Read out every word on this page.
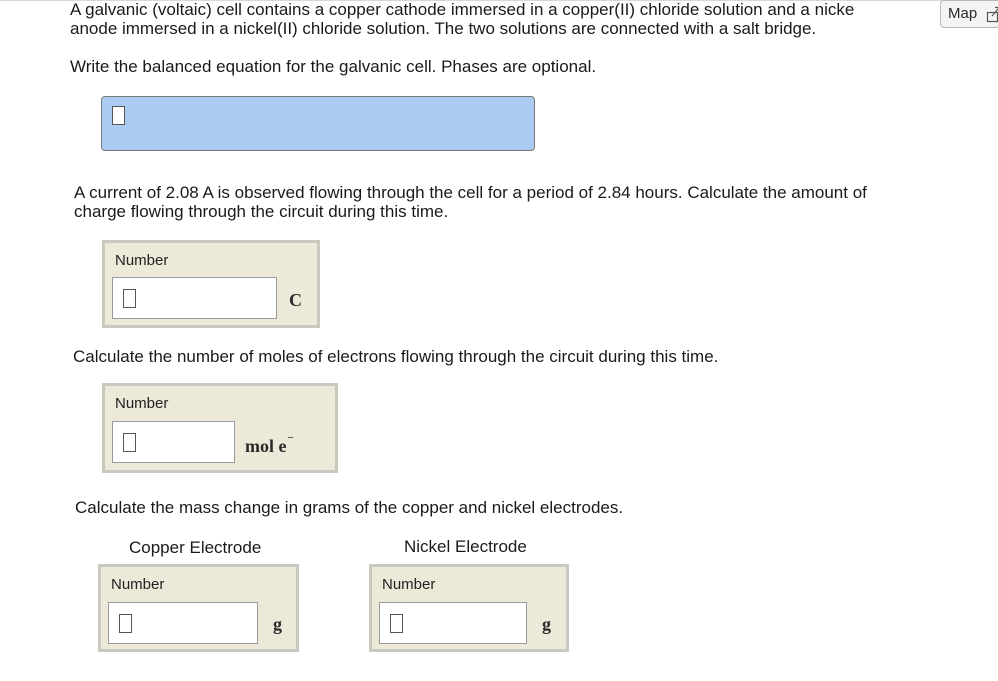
A galvanic (voltaic) cell contains a copper cathode immersed in a copper(II) chloride solution and a nicke
anode immersed in a nickel(II) chloride solution. The two solutions are connected with a salt bridge.
Map
Write the balanced equation for the galvanic cell. Phases are optional.
A current of 2.08 A is observed flowing through the cell for a period of 2.84 hours. Calculate the amount of
charge flowing through the circuit during this time.
Number
C
Calculate the number of moles of electrons flowing through the circuit during this time.
Number
mol e−
Calculate the mass change in grams of the copper and nickel electrodes.
Copper Electrode	Nickel Electrode
Number
g
Number
g
